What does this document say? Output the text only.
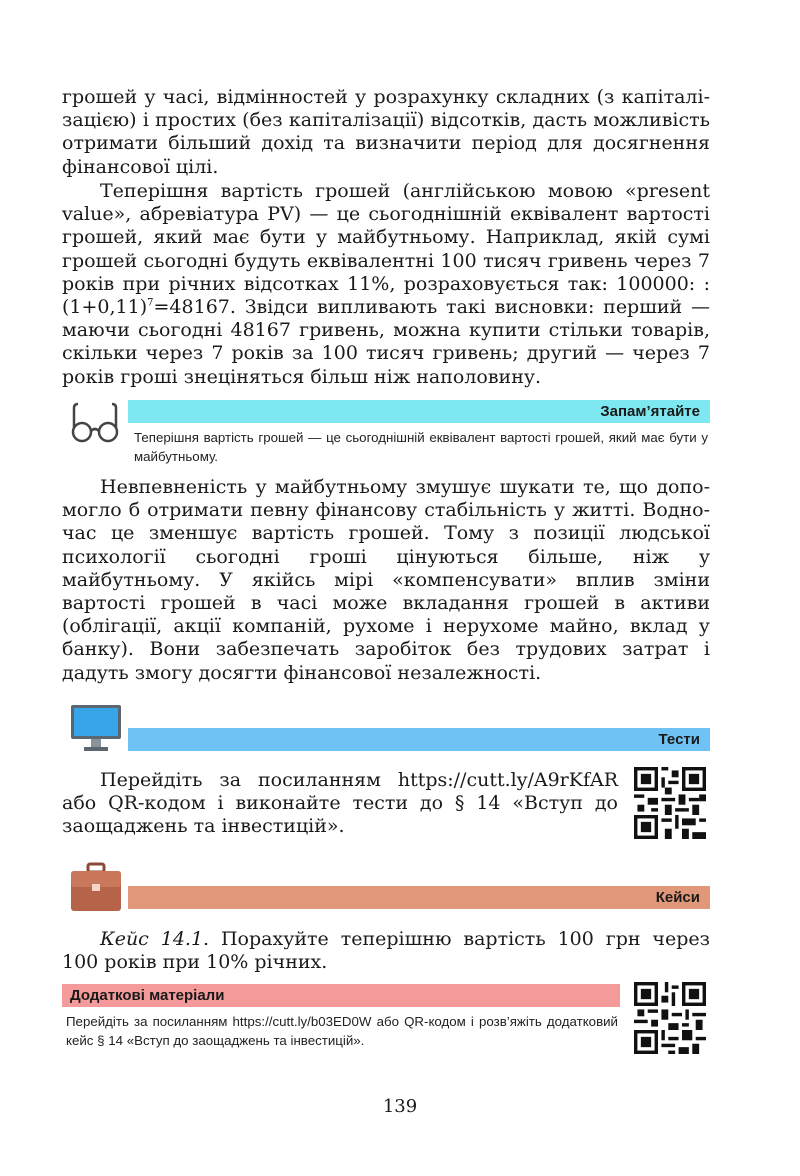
грошей у часі, відмінностей у розрахунку складних (з капіталізацією) і простих (без капіталізації) відсотків, дасть можливість отримати більший дохід та визначити період для досягнення фінансової цілі.

Теперішня вартість грошей (англійською мовою «present value», абревіатура PV) — це сьогоднішній еквівалент вартості грошей, який має бути у майбутньому. Наприклад, якій сумі грошей сьогодні будуть еквівалентні 100 тисяч гривень через 7 років при річних відсотках 11%, розраховується так: 100000: $:(1+0,11)^7=48167$. Звідси випливають такі висновки: перший — маючи сьогодні 48167 гривень, можна купити стільки товарів, скільки через 7 років за 100 тисяч гривень; другий — через 7 років гроші знеціняться більш ніж наполовину.

Запам’ятайте
Теперішня вартість грошей — це сьогоднішній еквівалент вартості грошей, який має бути у майбутньому.

Невпевненість у майбутньому змушує шукати те, що допомогло б отримати певну фінансову стабільність у житті. Водночас це зменшує вартість грошей. Тому з позиції людської психології сьогодні гроші цінуються більше, ніж у майбутньому. У якійсь мірі «компенсувати» вплив зміни вартості грошей в часі може вкладання грошей в активи (облігації, акції компаній, рухоме і нерухоме майно, вклад у банку). Вони забезпечать заробіток без трудових затрат і дадуть змогу досягти фінансової незалежності.

Тести

Перейдіть за посиланням https://cutt.ly/A9rKfAR або QR-кодом і виконайте тести до § 14 «Вступ до заощаджень та інвестицій».

Кейси

Кейс 14.1. Порахуйте теперішню вартість 100 грн через 100 років при 10% річних.

Додаткові матеріали
Перейдіть за посиланням https://cutt.ly/b03ED0W або QR-кодом і розв’яжіть додатковий кейс § 14 «Вступ до заощаджень та інвестицій».
139
